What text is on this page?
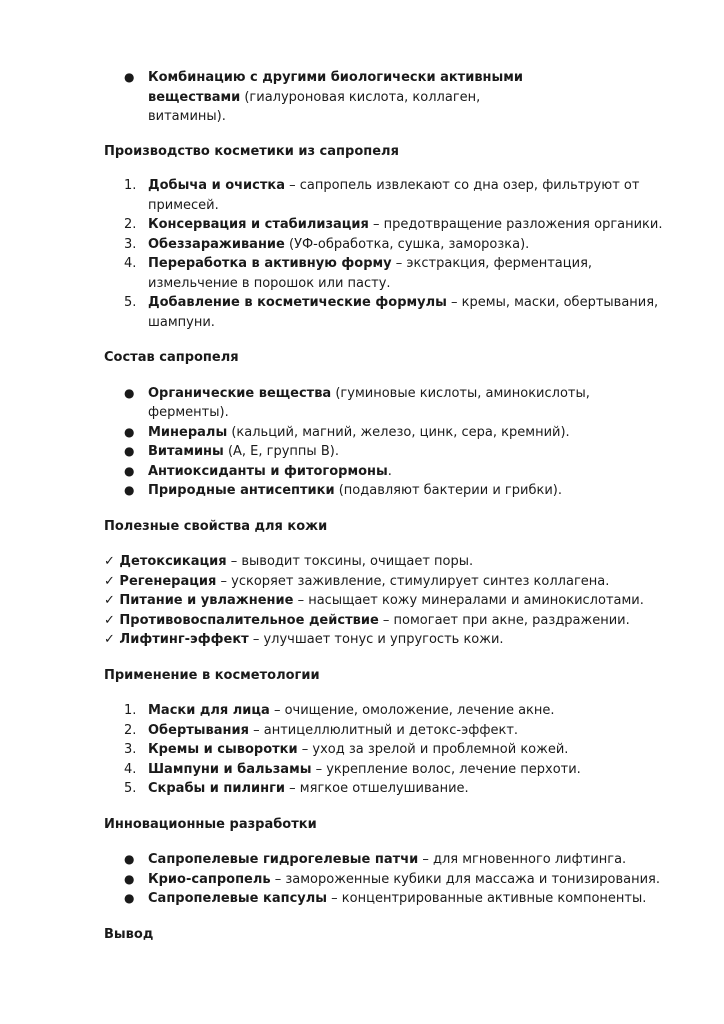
● Комбинацию с другими биологически активными веществами (гиалуроновая кислота, коллаген, витамины).

Производство косметики из сапропеля

1. Добыча и очистка – сапропель извлекают со дна озер, фильтруют от примесей.
2. Консервация и стабилизация – предотвращение разложения органики.
3. Обеззараживание (УФ-обработка, сушка, заморозка).
4. Переработка в активную форму – экстракция, ферментация, измельчение в порошок или пасту.
5. Добавление в косметические формулы – кремы, маски, обертывания, шампуни.

Состав сапропеля

● Органические вещества (гуминовые кислоты, аминокислоты, ферменты).
● Минералы (кальций, магний, железо, цинк, сера, кремний).
● Витамины (А, Е, группы В).
● Антиоксиданты и фитогормоны.
● Природные антисептики (подавляют бактерии и грибки).

Полезные свойства для кожи

✓ Детоксикация – выводит токсины, очищает поры.
✓ Регенерация – ускоряет заживление, стимулирует синтез коллагена.
✓ Питание и увлажнение – насыщает кожу минералами и аминокислотами.
✓ Противовоспалительное действие – помогает при акне, раздражении.
✓ Лифтинг-эффект – улучшает тонус и упругость кожи.

Применение в косметологии

1. Маски для лица – очищение, омоложение, лечение акне.
2. Обертывания – антицеллюлитный и детокс-эффект.
3. Кремы и сыворотки – уход за зрелой и проблемной кожей.
4. Шампуни и бальзамы – укрепление волос, лечение перхоти.
5. Скрабы и пилинги – мягкое отшелушивание.

Инновационные разработки

● Сапропелевые гидрогелевые патчи – для мгновенного лифтинга.
● Крио-сапропель – замороженные кубики для массажа и тонизирования.
● Сапропелевые капсулы – концентрированные активные компоненты.

Вывод
